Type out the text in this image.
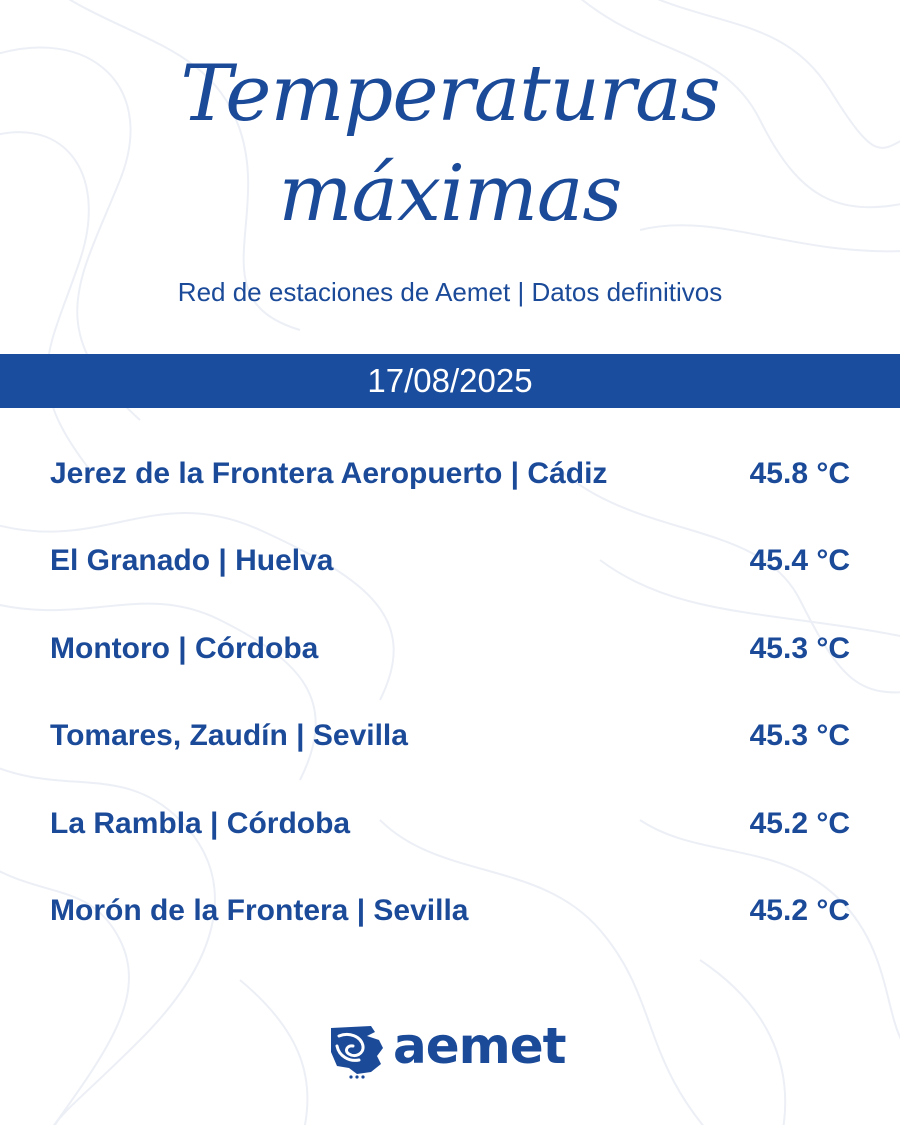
Temperaturas
máximas
Red de estaciones de Aemet | Datos definitivos
17/08/2025
Jerez de la Frontera Aeropuerto | Cádiz	45.8 °C
El Granado | Huelva	45.4 °C
Montoro | Córdoba	45.3 °C
Tomares, Zaudín | Sevilla	45.3 °C
La Rambla | Córdoba	45.2 °C
Morón de la Frontera | Sevilla	45.2 °C
aemet
